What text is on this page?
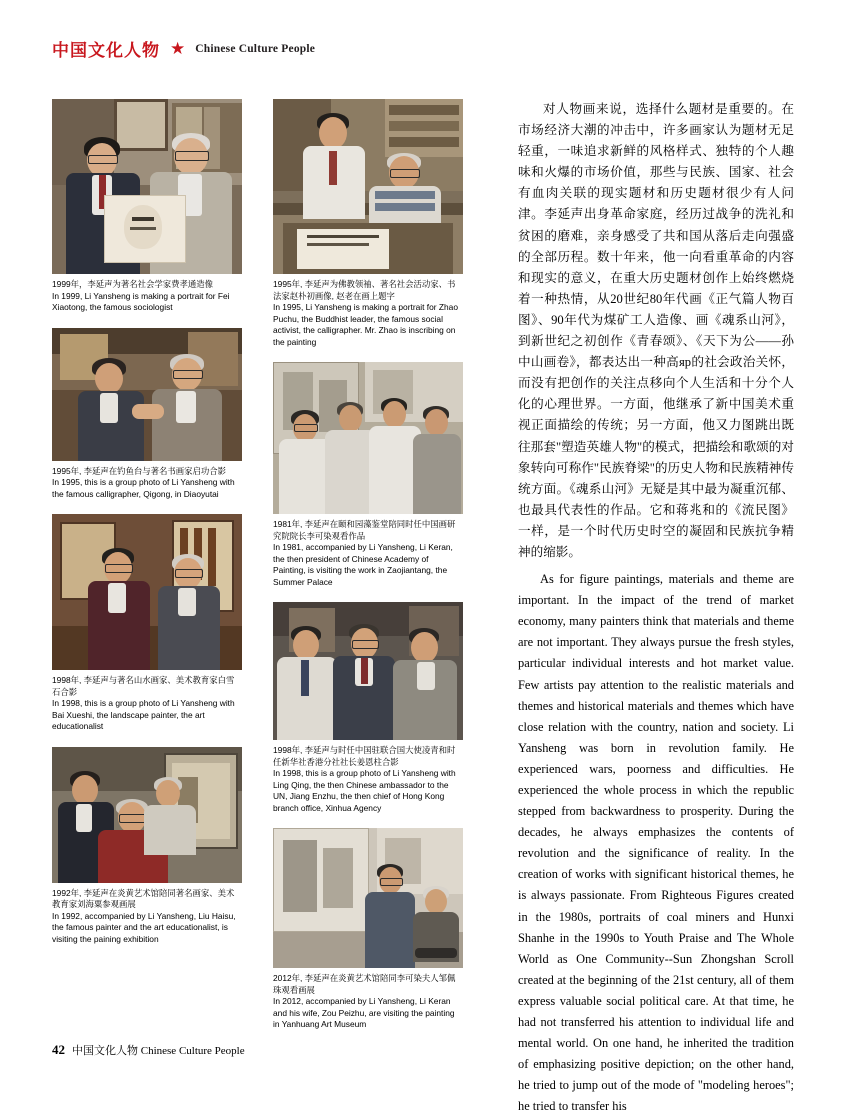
中国文化人物 ★ Chinese Culture People
1999年，李延声为著名社会学家费孝通造像
In 1999, Li Yansheng is making a portrait for Fei Xiaotong, the famous sociologist
1995年, 李延声在钓鱼台与著名书画家启功合影
In 1995, this is a group photo of Li Yansheng with the famous calligrapher, Qigong, in Diaoyutai
1998年, 李延声与著名山水画家、美术教育家白雪石合影
In 1998, this is a group photo of Li Yansheng with Bai Xueshi, the landscape painter, the art educationalist
1992年, 李延声在炎黄艺术馆陪同著名画家、美术教育家刘海粟参观画展
In 1992, accompanied by Li Yansheng, Liu Haisu, the famous painter and the art educationalist, is visiting the paining exhibition
1995年, 李延声为佛教领袖、著名社会活动家、书法家赵朴初画像, 赵老在画上题字
In 1995, Li Yansheng is making a portrait for Zhao Puchu, the Buddhist leader, the famous social activist, the calligrapher. Mr. Zhao is inscribing on the painting
1981年, 李延声在颐和园藻鉴堂陪同时任中国画研究院院长李可染观看作品
In 1981, accompanied by Li Yansheng, Li Keran, the then president of Chinese Academy of Painting, is visiting the work in Zaojiantang, the Summer Palace
1998年, 李延声与时任中国驻联合国大使凌青和时任新华社香港分社社长姜恩柱合影
In 1998, this is a group photo of Li Yansheng with Ling Qing, the then Chinese ambassador to the UN, Jiang Enzhu, the then chief of Hong Kong branch office, Xinhua Agency
2012年, 李延声在炎黄艺术馆陪同李可染夫人邹佩珠观看画展
In 2012, accompanied by Li Yansheng, Li Keran and his wife, Zou Peizhu, are visiting the painting in Yanhuang Art Museum

对人物画来说，选择什么题材是重要的。在市场经济大潮的冲击中，许多画家认为题材无足轻重，一味追求新鲜的风格样式、独特的个人趣味和火爆的市场价值，那些与民族、国家、社会有血肉关联的现实题材和历史题材很少有人问津。李延声出身革命家庭，经历过战争的洗礼和贫困的磨难，亲身感受了共和国从落后走向强盛的全部历程。数十年来，他一向看重革命的内容和现实的意义，在重大历史题材创作上始终燃烧着一种热情，从20世纪80年代画《正气篇人物百图》、90年代为煤矿工人造像、画《魂系山河》，到新世纪之初创作《青春颂》、《天下为公——孙中山画卷》，都表达出一种高яр的社会政治关怀，而没有把创作的关注点移向个人生活和十分个人化的心理世界。一方面，他继承了新中国美术重视正面描绘的传统；另一方面，他又力图跳出既往那套"塑造英雄人物"的模式，把描绘和歌颂的对象转向可称作"民族脊梁"的历史人物和民族精神传统方面。《魂系山河》无疑是其中最为凝重沉郁、也最具代表性的作品。它和蒋兆和的《流民图》一样，是一个时代历史时空的凝固和民族抗争精神的缩影。

As for figure paintings, materials and theme are important. In the impact of the trend of market economy, many painters think that materials and theme are not important. They always pursue the fresh styles, particular individual interests and hot market value. Few artists pay attention to the realistic materials and themes and historical materials and themes which have close relation with the country, nation and society. Li Yansheng was born in revolution family. He experienced wars, poorness and difficulties. He experienced the whole process in which the republic stepped from backwardness to prosperity. During the decades, he always emphasizes the contents of revolution and the significance of reality. In the creation of works with significant historical themes, he is always passionate. From Righteous Figures created in the 1980s, portraits of coal miners and Hunxi Shanhe in the 1990s to Youth Praise and The Whole World as One Community--Sun Zhongshan Scroll created at the beginning of the 21st century, all of them express valuable social political care. At that time, he had not transferred his attention to individual life and mental world. On one hand, he inherited the tradition of emphasizing positive depiction; on the other hand, he tried to jump out of the mode of "modeling heroes"; he tried to transfer his

42 中国文化人物 Chinese Culture People
